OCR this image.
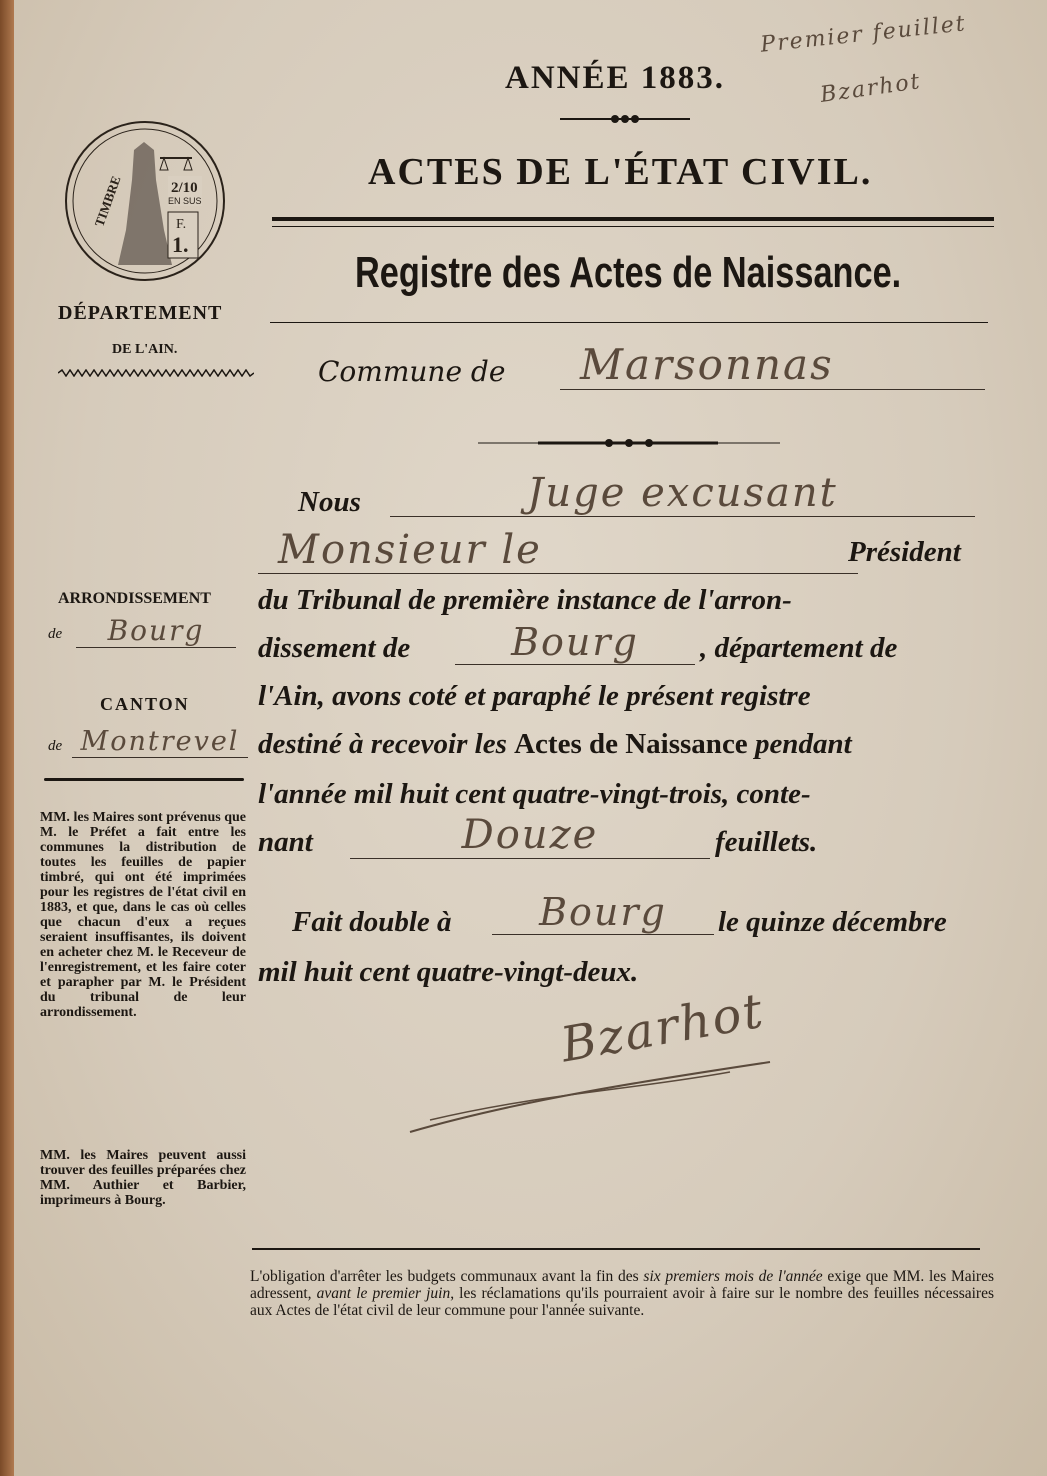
ANNÉE 1883.
Premier feuillet
Bzarhot
ACTES DE L'ÉTAT CIVIL.
Registre des Actes de Naissance.
TIMBRE	2/10
EN SUS
F.
1.
DÉPARTEMENT
DE L'AIN.
ARRONDISSEMENT
de	Bourg
CANTON
de Montrevel
MM. les Maires sont prévenus que M. le Préfet a fait entre les communes la distribution de toutes les feuilles de papier timbré, qui ont été imprimées pour les registres de l'état civil en 1883, et que, dans le cas où celles que chacun d'eux a reçues seraient insuffisantes, ils doivent en acheter chez M. le Receveur de l'enregistrement, et les faire coter et parapher par M. le Président du tribunal de leur arrondissement.
MM. les Maires peuvent aussi trouver des feuilles préparées chez MM. Authier et Barbier, imprimeurs à Bourg.
Commune de	Marsonnas
Nous	Juge excusant
Monsieur le	Président
du Tribunal de première instance de l'arron-
dissement de	Bourg	, département de
l'Ain, avons coté et paraphé le présent registre
destiné à recevoir les Actes de Naissance pendant
l'année mil huit cent quatre-vingt-trois, conte-
nant	Douze	feuillets.
Fait double à	Bourg	le quinze décembre
mil huit cent quatre-vingt-deux.
Bzarhot
L'obligation d'arrêter les budgets communaux avant la fin des six premiers mois de l'année exige que MM. les Maires adressent, avant le premier juin, les réclamations qu'ils pourraient avoir à faire sur le nombre des feuilles nécessaires aux Actes de l'état civil de leur commune pour l'année suivante.
